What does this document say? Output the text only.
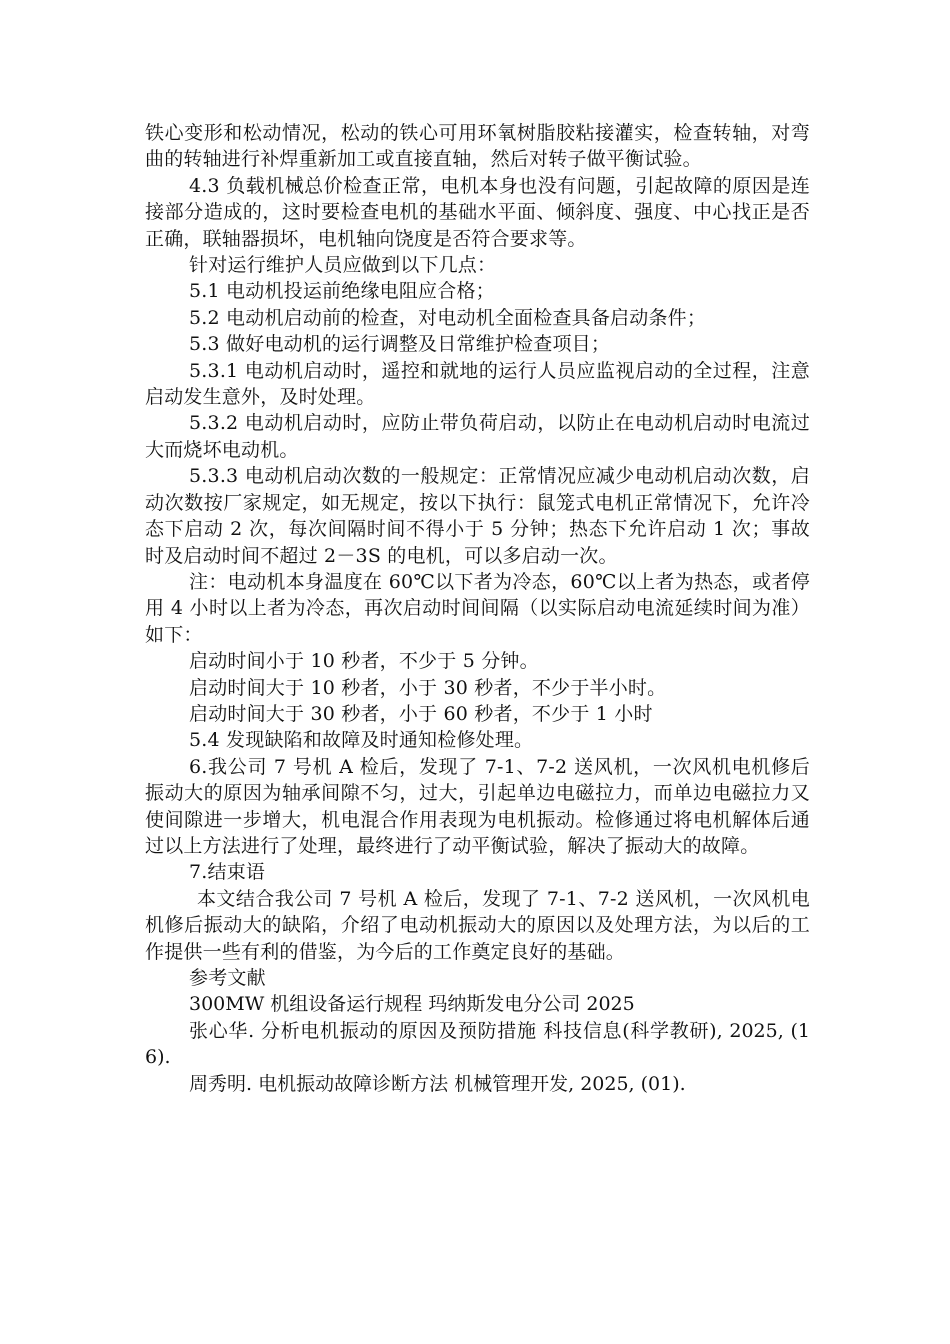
铁心变形和松动情况，松动的铁心可用环氧树脂胶粘接灌实，检查转轴，对弯曲的转轴进行补焊重新加工或直接直轴，然后对转子做平衡试验。

4.3 负载机械总价检查正常，电机本身也没有问题，引起故障的原因是连接部分造成的，这时要检查电机的基础水平面、倾斜度、强度、中心找正是否正确，联轴器损坏，电机轴向饶度是否符合要求等。

针对运行维护人员应做到以下几点：

5.1 电动机投运前绝缘电阻应合格；

5.2 电动机启动前的检查，对电动机全面检查具备启动条件；

5.3 做好电动机的运行调整及日常维护检查项目；

5.3.1 电动机启动时，遥控和就地的运行人员应监视启动的全过程，注意启动发生意外，及时处理。

5.3.2 电动机启动时，应防止带负荷启动，以防止在电动机启动时电流过大而烧坏电动机。

5.3.3 电动机启动次数的一般规定：正常情况应减少电动机启动次数，启动次数按厂家规定，如无规定，按以下执行：鼠笼式电机正常情况下，允许冷态下启动 2 次，每次间隔时间不得小于 5 分钟；热态下允许启动 1 次；事故时及启动时间不超过 2－3S 的电机，可以多启动一次。

注：电动机本身温度在 60℃以下者为冷态，60℃以上者为热态，或者停用 4 小时以上者为冷态，再次启动时间间隔（以实际启动电流延续时间为准）如下：

启动时间小于 10 秒者，不少于 5 分钟。

启动时间大于 10 秒者，小于 30 秒者，不少于半小时。

启动时间大于 30 秒者，小于 60 秒者，不少于 1 小时

5.4 发现缺陷和故障及时通知检修处理。

6.我公司 7 号机 A 检后，发现了 7-1、7-2 送风机，一次风机电机修后振动大的原因为轴承间隙不匀，过大，引起单边电磁拉力，而单边电磁拉力又使间隙进一步增大，机电混合作用表现为电机振动。检修通过将电机解体后通过以上方法进行了处理，最终进行了动平衡试验，解决了振动大的故障。

7.结束语

本文结合我公司 7 号机 A 检后，发现了 7-1、7-2 送风机，一次风机电机修后振动大的缺陷，介绍了电动机振动大的原因以及处理方法，为以后的工作提供一些有利的借鉴，为今后的工作奠定良好的基础。

参考文献

300MW 机组设备运行规程 玛纳斯发电分公司 2025

张心华. 分析电机振动的原因及预防措施 科技信息(科学教研), 2025, (16).

周秀明. 电机振动故障诊断方法 机械管理开发, 2025, (01).
